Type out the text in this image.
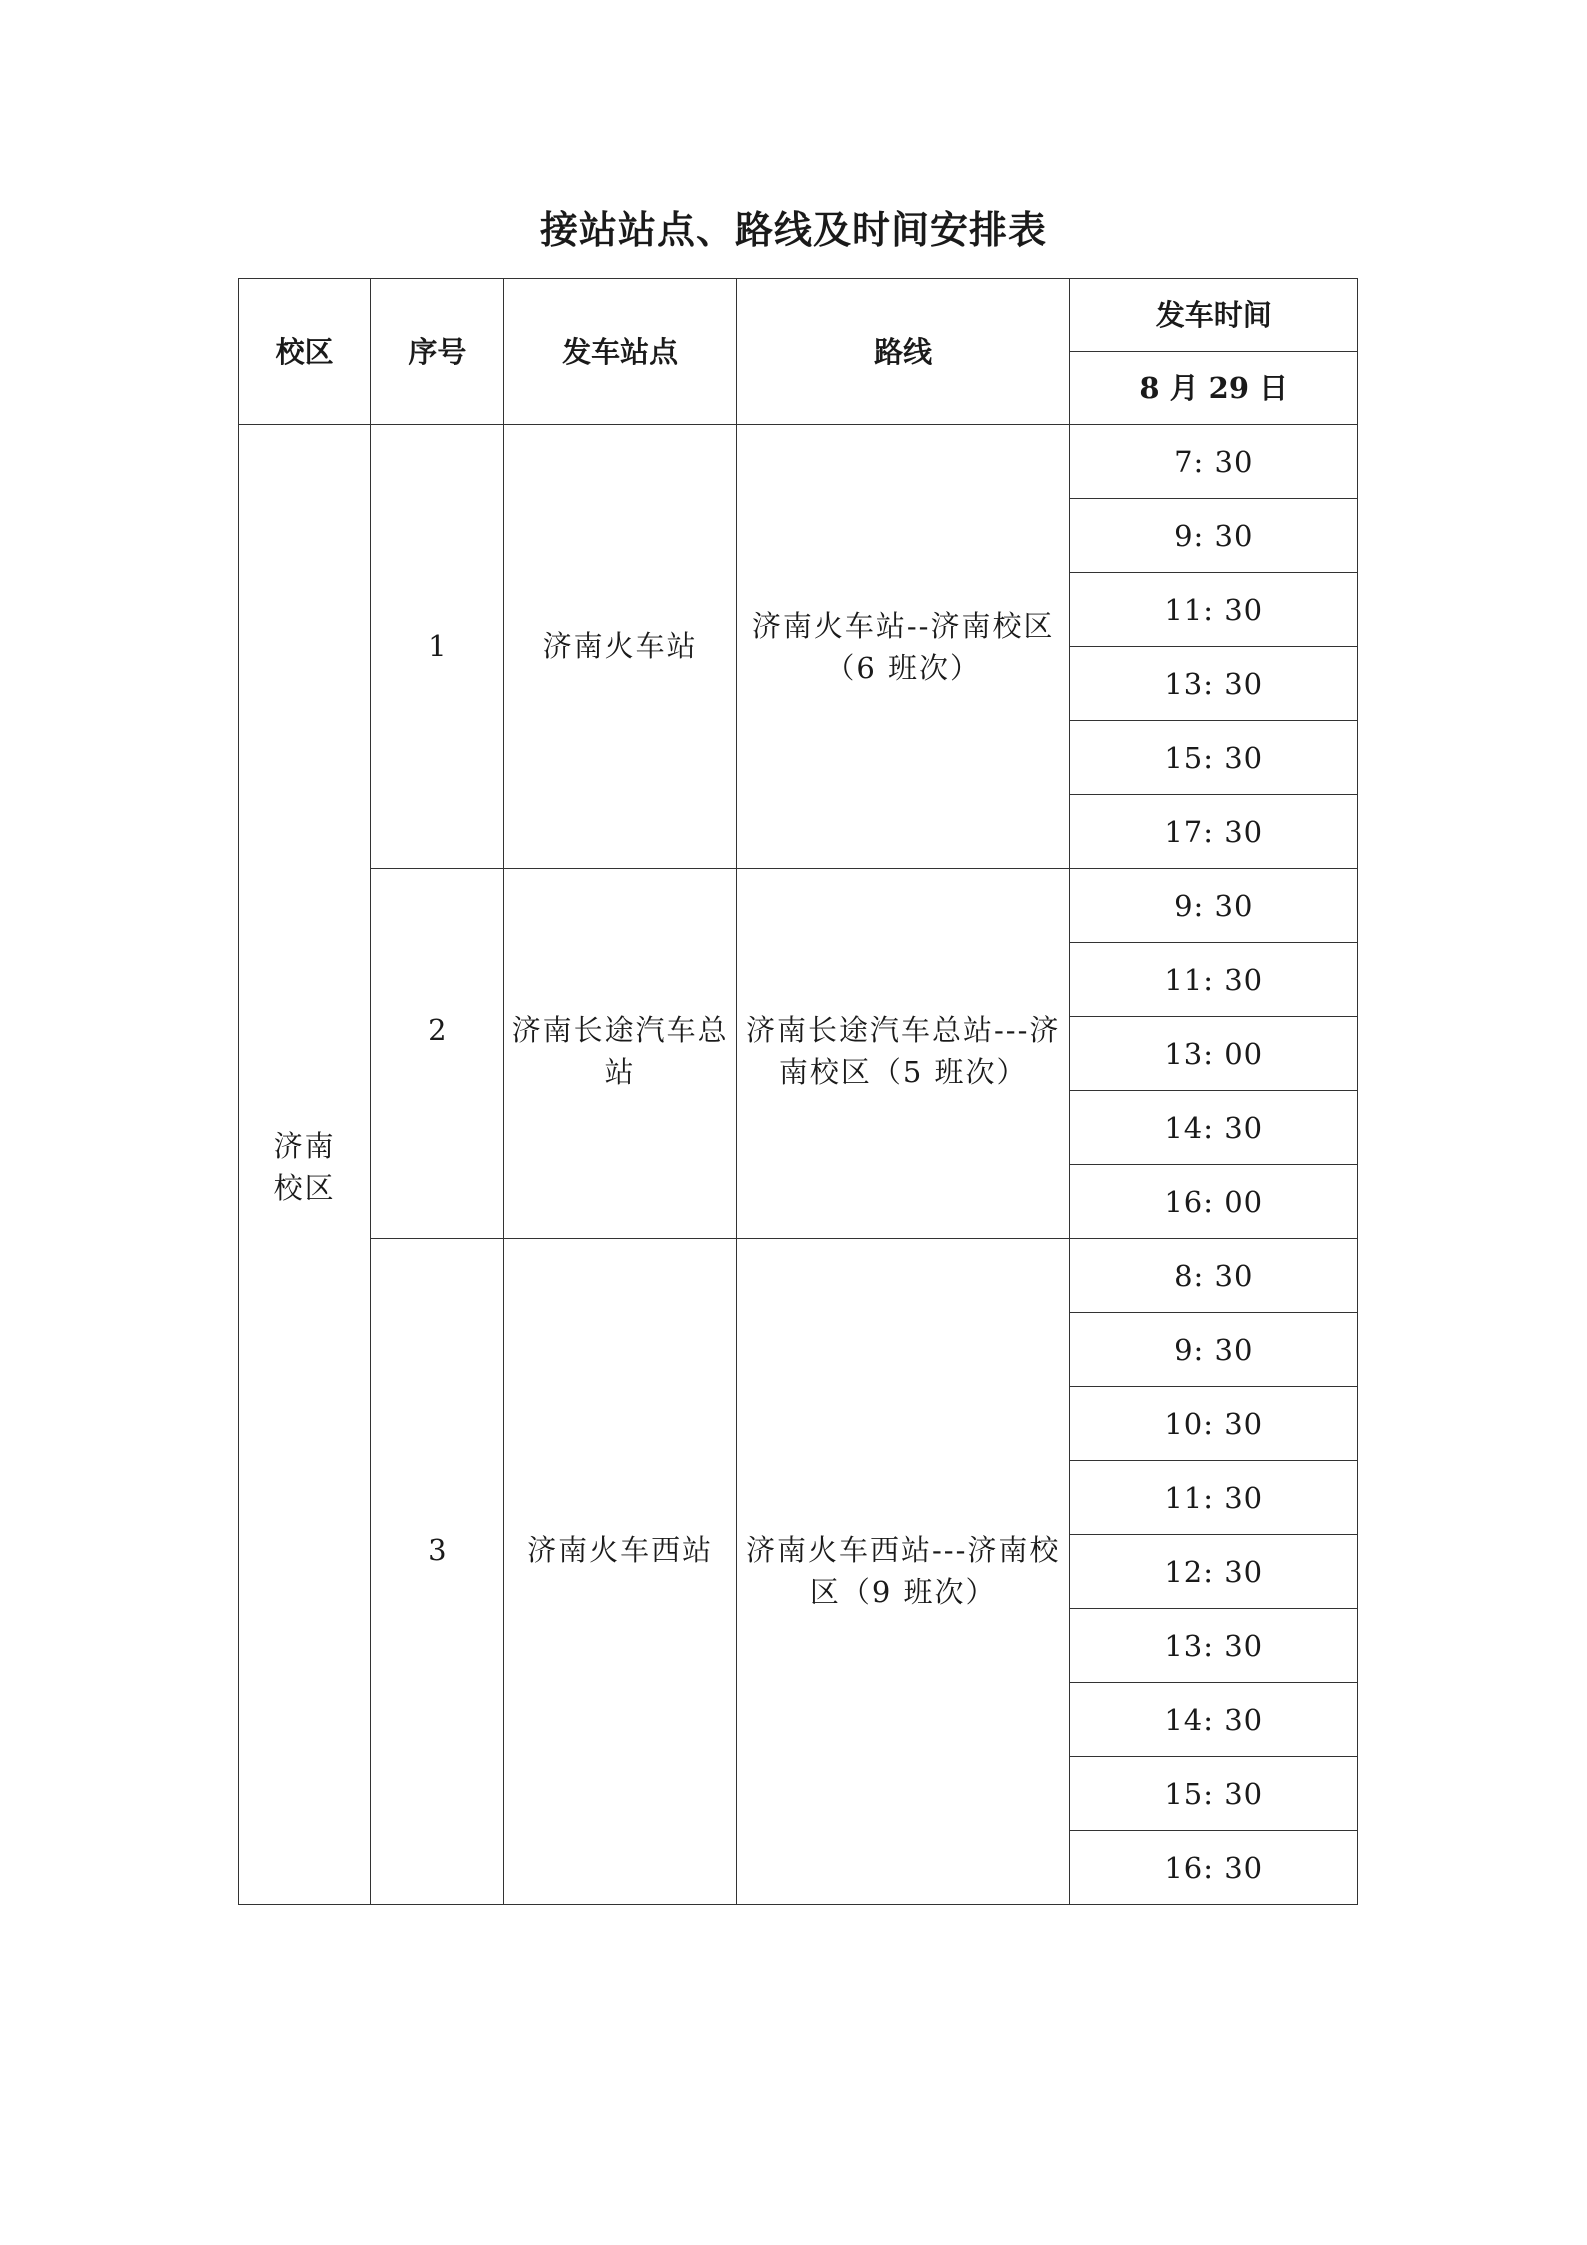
接站站点、路线及时间安排表
校区	序号	发车站点	路线	发车时间
				8 月 29 日
济南校区	1	济南火车站	济南火车站--济南校区（6 班次）	7: 30
				9: 30
				11: 30
				13: 30
				15: 30
				17: 30
	2	济南长途汽车总站	济南长途汽车总站---济南校区（5 班次）	9: 30
				11: 30
				13: 00
				14: 30
				16: 00
	3	济南火车西站	济南火车西站---济南校区（9 班次）	8: 30
				9: 30
				10: 30
				11: 30
				12: 30
				13: 30
				14: 30
				15: 30
				16: 30
